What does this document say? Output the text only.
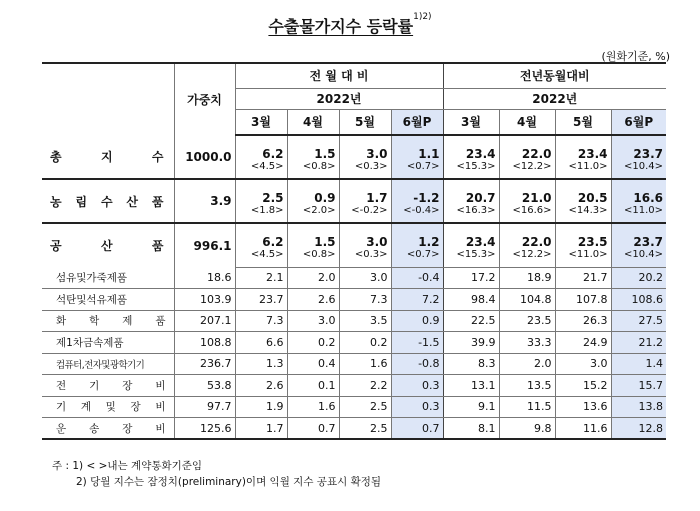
수출물가지수 등락률$^{1)2)}$
(원화기준, %)
	가중치	전 월 대 비				전년동월대비			
		2022년				2022년			
		3월	4월	5월	6월P	3월	4월	5월	6월P
총 지 수	1000.0	6.2	1.5	3.0	1.1	23.4	22.0	23.4	23.7
		<4.5>	<0.8>	<0.3>	<0.7>	<15.3>	<12.2>	<11.0>	<10.4>
농 림 수 산 품	3.9	2.5	0.9	1.7	-1.2	20.7	21.0	20.5	16.6
		<1.8>	<2.0>	<-0.2>	<-0.4>	<16.3>	<16.6>	<14.3>	<11.0>
공 산 품	996.1	6.2	1.5	3.0	1.2	23.4	22.0	23.5	23.7
		<4.5>	<0.8>	<0.3>	<0.7>	<15.3>	<12.2>	<11.0>	<10.4>
섬유및가죽제품	18.6	2.1	2.0	3.0	-0.4	17.2	18.9	21.7	20.2
석탄및석유제품	103.9	23.7	2.6	7.3	7.2	98.4	104.8	107.8	108.6
화 학 제 품	207.1	7.3	3.0	3.5	0.9	22.5	23.5	26.3	27.5
제1차금속제품	108.8	6.6	0.2	0.2	-1.5	39.9	33.3	24.9	21.2
컴퓨터,전자및광학기기	236.7	1.3	0.4	1.6	-0.8	8.3	2.0	3.0	1.4
전 기 장 비	53.8	2.6	0.1	2.2	0.3	13.1	13.5	15.2	15.7
기 계 및 장 비	97.7	1.9	1.6	2.5	0.3	9.1	11.5	13.6	13.8
운 송 장 비	125.6	1.7	0.7	2.5	0.7	8.1	9.8	11.6	12.8
주 : 1) < >내는 계약통화기준임
2) 당월 지수는 잠정치(preliminary)이며 익월 지수 공표시 확정됨
